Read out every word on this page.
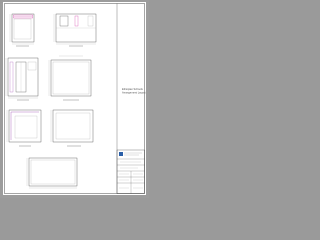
Ethiopian Schools
Arrangement Layout
